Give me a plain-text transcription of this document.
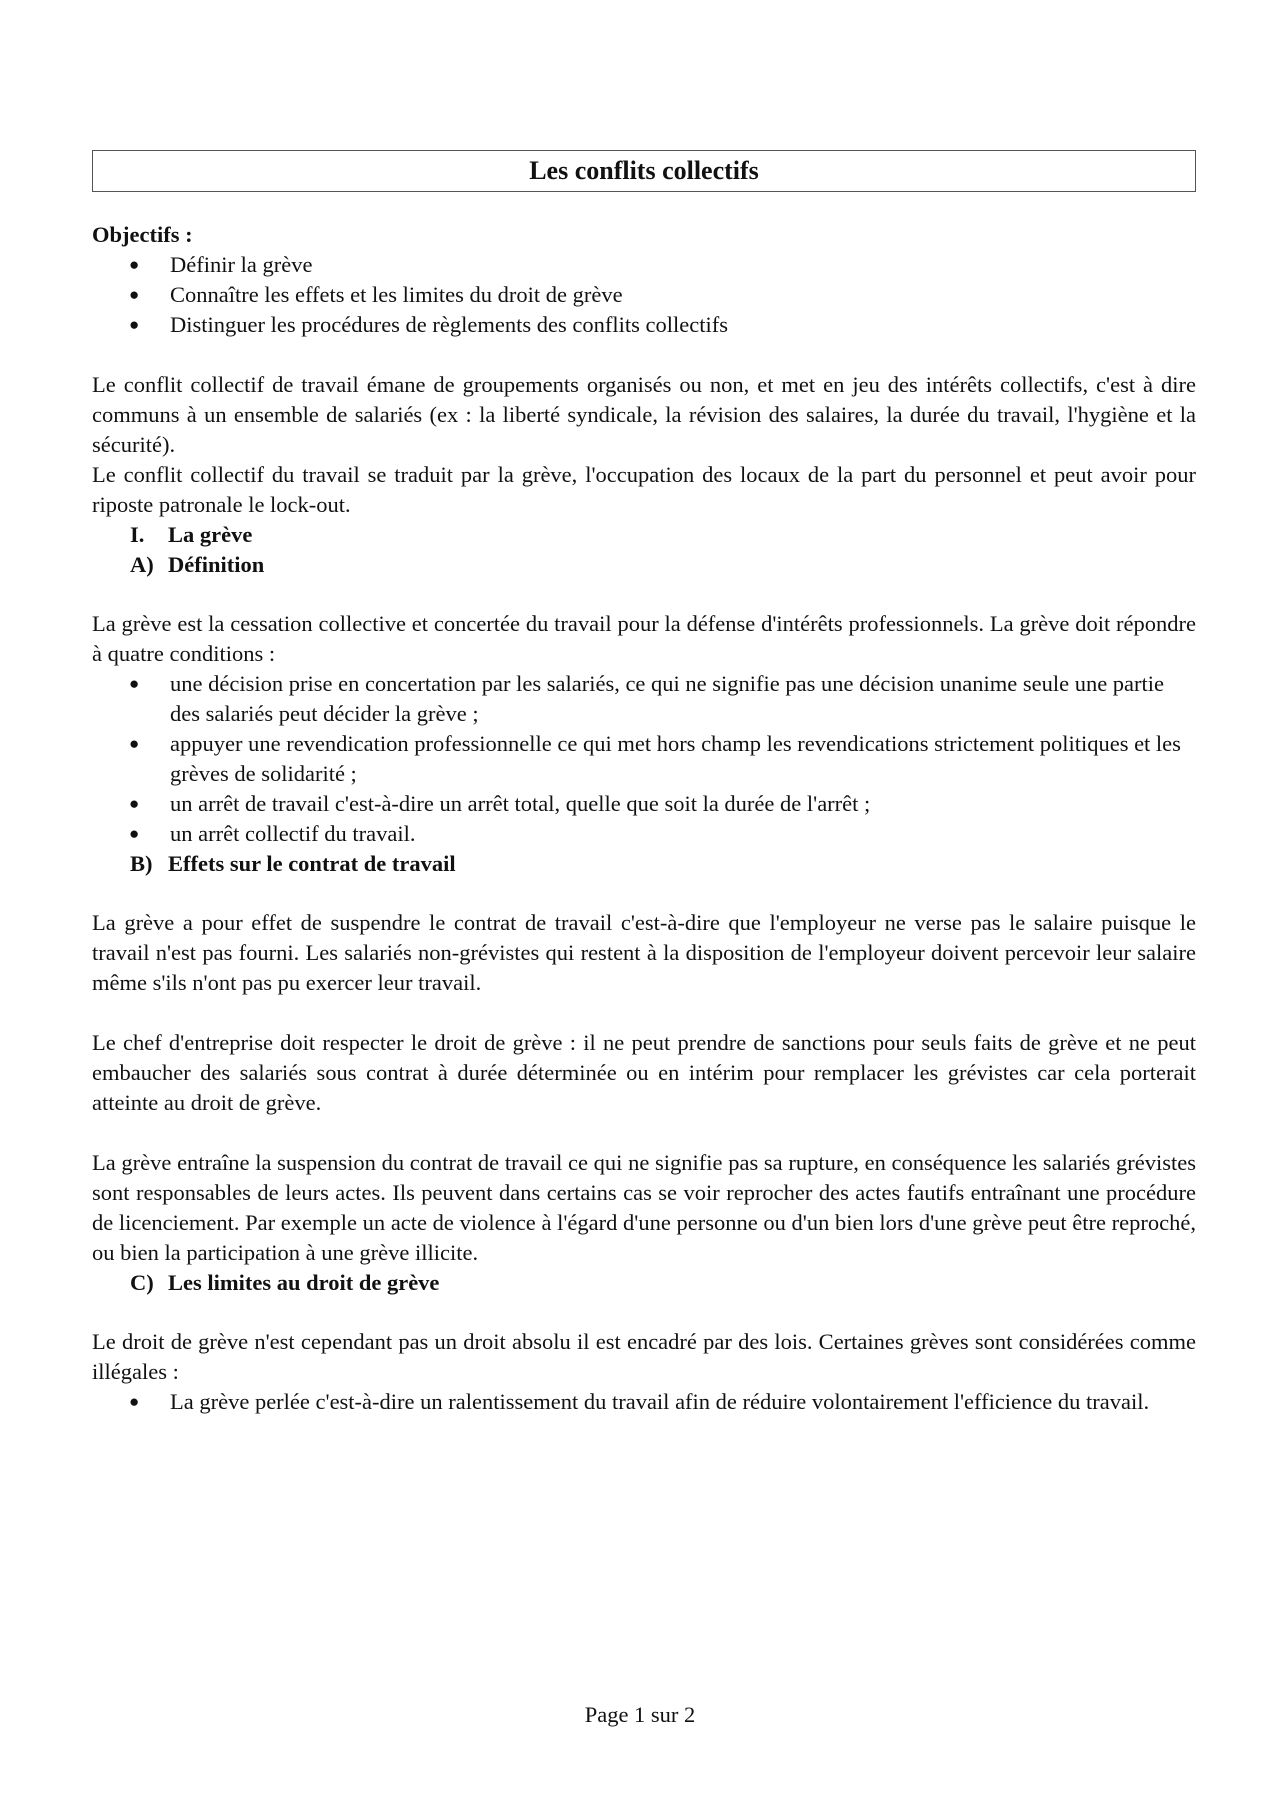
Les conflits collectifs

Objectifs :

● Définir la grève
● Connaître les effets et les limites du droit de grève
● Distinguer les procédures de règlements des conflits collectifs

Le conflit collectif de travail émane de groupements organisés ou non, et met en jeu des intérêts collectifs, c'est à dire communs à un ensemble de salariés (ex : la liberté syndicale, la révision des salaires, la durée du travail, l'hygiène et la sécurité).

Le conflit collectif du travail se traduit par la grève, l'occupation des locaux de la part du personnel et peut avoir pour riposte patronale le lock-out.

I.	La grève
A) Définition

La grève est la cessation collective et concertée du travail pour la défense d'intérêts professionnels. La grève doit répondre à quatre conditions :

● une décision prise en concertation par les salariés, ce qui ne signifie pas une décision unanime seule une partie des salariés peut décider la grève ;
● appuyer une revendication professionnelle ce qui met hors champ les revendications strictement politiques et les grèves de solidarité ;
● un arrêt de travail c'est-à-dire un arrêt total, quelle que soit la durée de l'arrêt ;
● un arrêt collectif du travail.
B) Effets sur le contrat de travail

La grève a pour effet de suspendre le contrat de travail c'est-à-dire que l'employeur ne verse pas le salaire puisque le travail n'est pas fourni. Les salariés non-grévistes qui restent à la disposition de l'employeur doivent percevoir leur salaire même s'ils n'ont pas pu exercer leur travail.

Le chef d'entreprise doit respecter le droit de grève : il ne peut prendre de sanctions pour seuls faits de grève et ne peut embaucher des salariés sous contrat à durée déterminée ou en intérim pour remplacer les grévistes car cela porterait atteinte au droit de grève.

La grève entraîne la suspension du contrat de travail ce qui ne signifie pas sa rupture, en conséquence les salariés grévistes sont responsables de leurs actes. Ils peuvent dans certains cas se voir reprocher des actes fautifs entraînant une procédure de licenciement. Par exemple un acte de violence à l'égard d'une personne ou d'un bien lors d'une grève peut être reproché, ou bien la participation à une grève illicite.

C) Les limites au droit de grève

Le droit de grève n'est cependant pas un droit absolu il est encadré par des lois. Certaines grèves sont considérées comme illégales :

● La grève perlée c'est-à-dire un ralentissement du travail afin de réduire volontairement l'efficience du travail.
Page 1 sur 2
